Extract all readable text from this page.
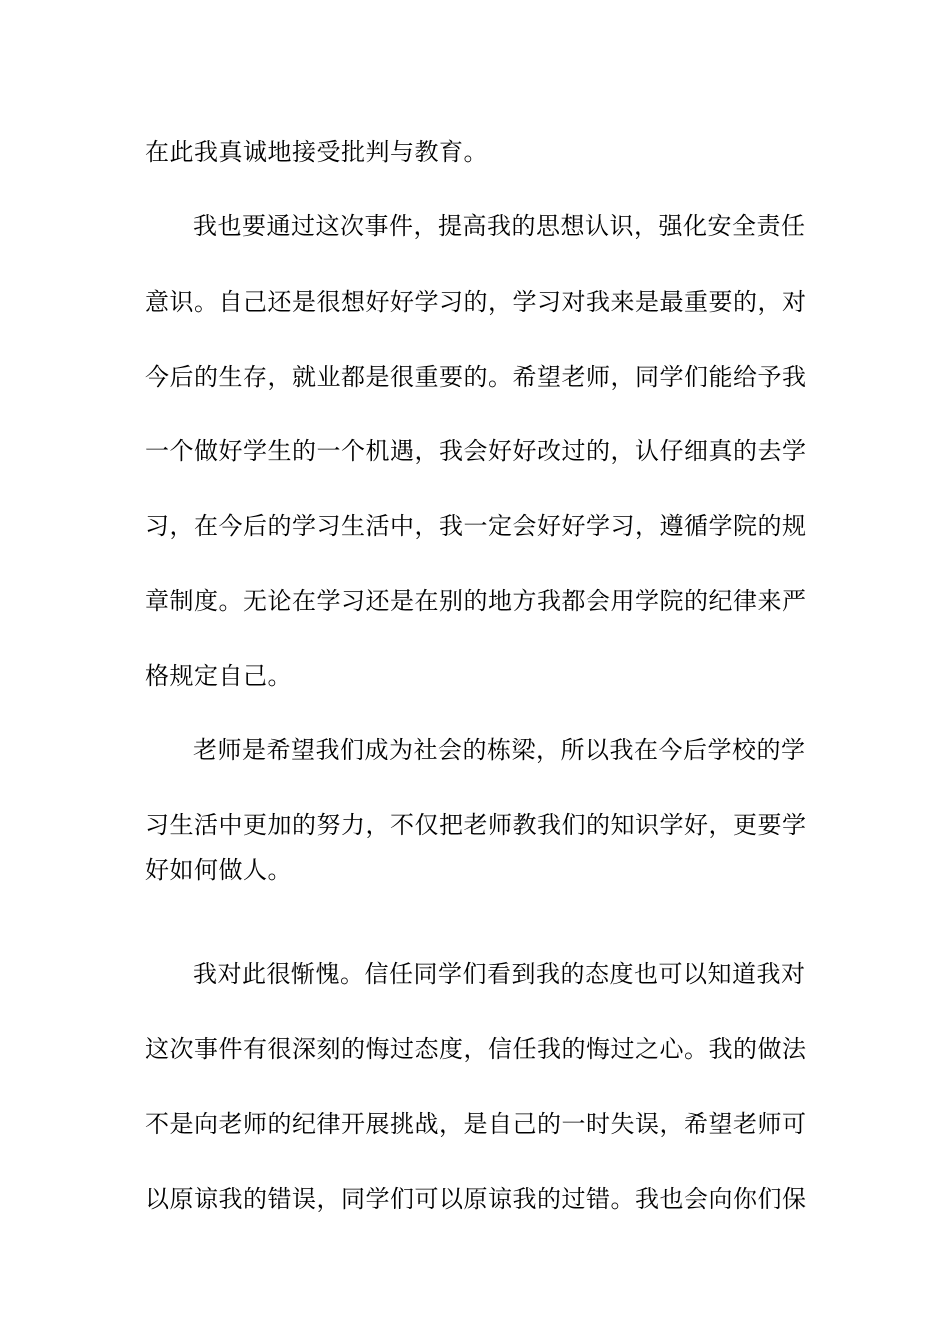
在此我真诚地接受批判与教育。
我也要通过这次事件，提高我的思想认识，强化安全责任
意识。自己还是很想好好学习的，学习对我来是最重要的，对
今后的生存，就业都是很重要的。希望老师，同学们能给予我
一个做好学生的一个机遇，我会好好改过的，认仔细真的去学
习，在今后的学习生活中，我一定会好好学习，遵循学院的规
章制度。无论在学习还是在别的地方我都会用学院的纪律来严
格规定自己。
老师是希望我们成为社会的栋梁，所以我在今后学校的学
习生活中更加的努力，不仅把老师教我们的知识学好，更要学
好如何做人。
我对此很惭愧。信任同学们看到我的态度也可以知道我对
这次事件有很深刻的悔过态度，信任我的悔过之心。我的做法
不是向老师的纪律开展挑战，是自己的一时失误，希望老师可
以原谅我的错误，同学们可以原谅我的过错。我也会向你们保
